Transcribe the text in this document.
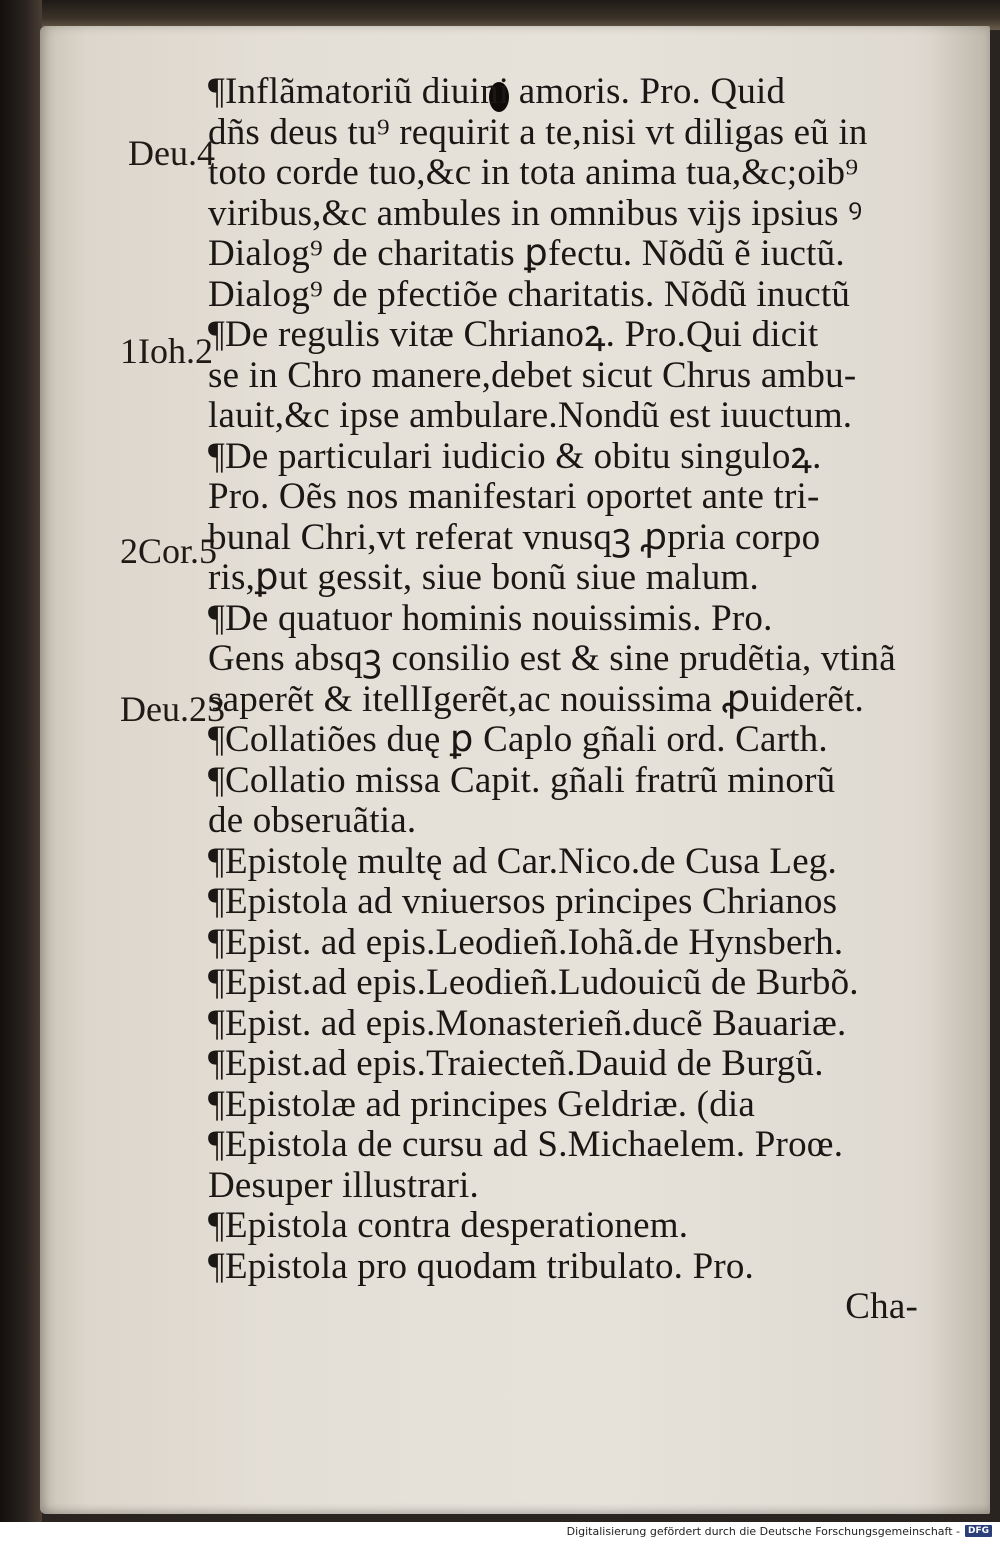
Deu.4
1Ioh.2
2Cor.5
Deu.23
¶Inflãmatoriũ diuini amoris. Pro. Quid
dñs deus tu⁹ requirit a te,nisi vt diligas eũ in
toto corde tuo,&c in tota anima tua,&c;oib⁹
viribus,&c ambules in omnibus vĳs ipsius ꝰ
Dialog⁹ de charitatis ꝑfectu. Nõdũ ẽ iuctũ.
Dialog⁹ de pfectiõe charitatis. Nõdũ inuctũ
¶De regulis vitæ Chrianoꝝ. Pro.Qui dicit
se in Chro manere,debet sicut Chrus ambu-
lauit,&c ipse ambulare.Nondũ est iuuctum.
¶De particulari iudicio & obitu singuloꝝ.
Pro. Oẽs nos manifestari oportet ante tri-
bunal Chri,vt referat vnusqꝫ ꝓpria corpo
ris,ꝑut gessit, siue bonũ siue malum.
¶De quatuor hominis nouissimis. Pro.
Gens absqꝫ consilio est & sine prudẽtia, vtinã
saperẽt & itellIgerẽt,ac nouissima ꝓuiderẽt.
¶Collatiões duę ꝑ Caplo gñali ord. Carth.
¶Collatio missa Capit. gñali fratrũ minorũ
de obseruãtia.
¶Epistolę multę ad Car.Nico.de Cusa Leg.
¶Epistola ad vniuersos principes Chrianos
¶Epist. ad epis.Leodieñ.Iohã.de Hynsberh.
¶Epist.ad epis.Leodieñ.Ludouicũ de Burbõ.
¶Epist. ad epis.Monasterieñ.ducẽ Bauariæ.
¶Epist.ad epis.Traiecteñ.Dauid de Burgũ.
¶Epistolæ ad principes Geldriæ. (dia
¶Epistola de cursu ad S.Michaelem. Proœ.
Desuper illustrari.
¶Epistola contra desperationem.
¶Epistola pro quodam tribulato. Pro.
Cha-
Digitalisierung gefördert durch die Deutsche Forschungsgemeinschaft - DFG
